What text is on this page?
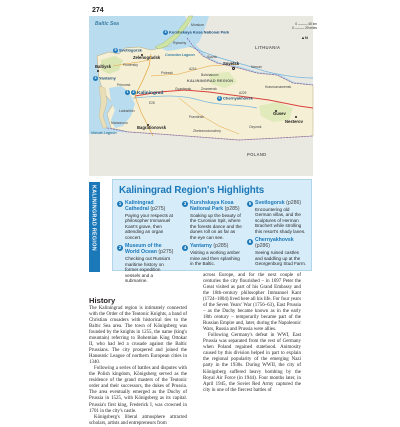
274
Baltic Sea
LITHUANIA
POLAND
KALININGRAD REGION
Curonian Lagoon
Vistula Lagoon
3 Kurshskaya Kosa National Park
5 Svetlogorsk
4 Yantarny
1 2 Kaliningrad
6 Chernyakhovsk
Sovetsk
Baltiysk
Zelenogradsk
Gusev
Nesterov
Bagrationovsk
Neman
Polessk
Gvardeysk	Znamensk	Krasnoznamensk
Ozyorsk
Pravdinsk
Zheleznodorozhny
Mamonovo
Ladushkin
Primorsk
Pionersky
Rybachy
Morskoe
Bolshakovo
Slavsk
A229
A216
E28
0 ——— 40 km
0 ——— 20 miles
▲N
KALININGRAD REGION Kaliningrad Region's Highlights
1 Kaliningrad Cathedral (p275)
Paying your respects at philosopher Immanuel Kant's grave, then attending an organ concert.
2 Museum of the World Ocean (p275)
Checking out Russia's maritime history on former expedition vessels and a submarine.
3 Kurshskaya Kosa National Park (p285)
Soaking up the beauty of the Curonian Spit, where the forests dance and the dunes roll on as far as the eye can see.
4 Yantarny (p285)
Visiting a working amber mine and then splashing in the Baltic.
5 Svetlogorsk (p286)
Encountering old German villas, and the sculptures of Herman Brachert while strolling this resort's shady lanes.
6 Chernyakhovsk (p286)
Seeing ruined castles and saddling up at the Georgenburg Stud Farm.
History

The Kaliningrad region is intimately connected with the Order of the Teutonic Knights, a band of Christian crusaders with historical ties to the Baltic Sea area. The town of Königsberg was founded by the knights in 1255, the name (king's mountain) referring to Bohemian King Ottokar II, who had led a crusade against the Baltic Prussians. The city prospered and joined the Hanseatic League of northern European cities in 1340.

Following a series of battles and disputes with the Polish kingdom, Königsberg served as the residence of the grand masters of the Teutonic order and their successors, the dukes of Prussia. The area eventually emerged as the Duchy of Prussia in 1525, with Königsberg as its capital. Prussia's first king, Frederick I, was crowned in 1701 in the city's castle.

Königsberg's liberal atmosphere attracted scholars, artists and entrepreneurs from

across Europe, and for the next couple of centuries the city flourished – in 1697 Peter the Great visited as part of his Grand Embassy and the 18th-century philosopher Immanuel Kant (1724–1804) lived here all his life. For four years of the Seven Years' War (1756–63), East Prussia – as the Duchy became known as in the early 18th century – temporarily became part of the Russian Empire and, later, during the Napoleonic Wars, Russia and Prussia were allies.

Following Germany's defeat in WWI, East Prussia was separated from the rest of Germany when Poland regained statehood. Animosity caused by this division helped in part to explain the regional popularity of the emerging Nazi party in the 1930s. During WWII, the city of Königsberg suffered heavy bombing by the Royal Air Force (in 1944). Four months later, in April 1945, the Soviet Red Army captured the city in one of the fiercest battles of
